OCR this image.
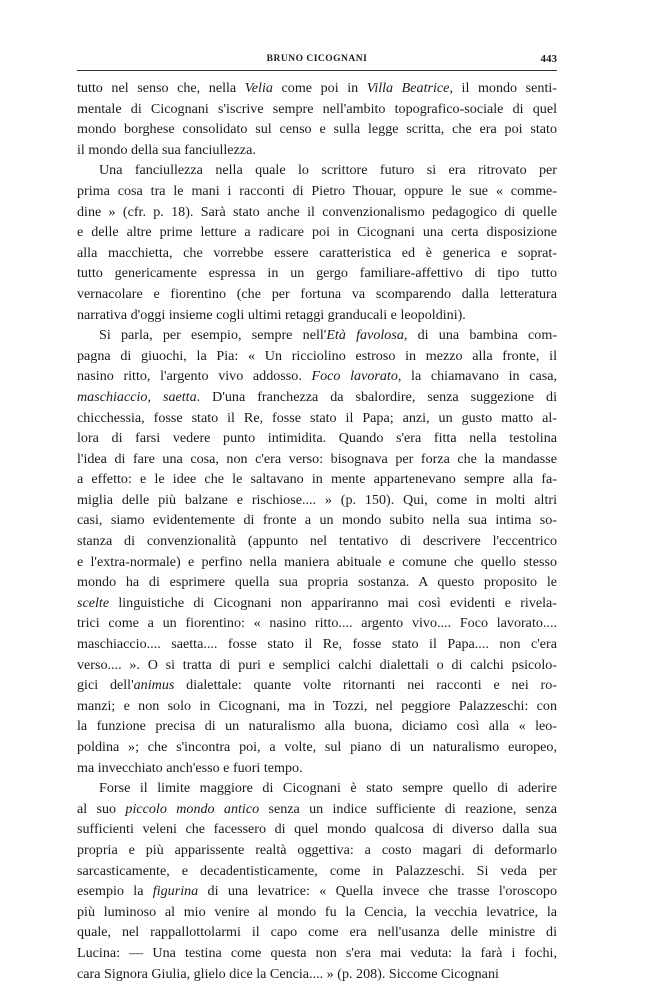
BRUNO CICOGNANI	443
tutto nel senso che, nella Velia come poi in Villa Beatrice, il mondo senti-
mentale di Cicognani s'iscrive sempre nell'ambito topografico-sociale di quel
mondo borghese consolidato sul censo e sulla legge scritta, che era poi stato
il mondo della sua fanciullezza.
Una fanciullezza nella quale lo scrittore futuro si era ritrovato per
prima cosa tra le mani i racconti di Pietro Thouar, oppure le sue « comme-
dine » (cfr. p. 18). Sarà stato anche il convenzionalismo pedagogico di quelle
e delle altre prime letture a radicare poi in Cicognani una certa disposizione
alla macchietta, che vorrebbe essere caratteristica ed è generica e soprat-
tutto genericamente espressa in un gergo familiare-affettivo di tipo tutto
vernacolare e fiorentino (che per fortuna va scomparendo dalla letteratura
narrativa d'oggi insieme cogli ultimi retaggi granducali e leopoldini).
Si parla, per esempio, sempre nell'Età favolosa, di una bambina com-
pagna di giuochi, la Pia: « Un ricciolino estroso in mezzo alla fronte, il
nasino ritto, l'argento vivo addosso. Foco lavorato, la chiamavano in casa,
maschiaccio, saetta. D'una franchezza da sbalordire, senza suggezione di
chicchessia, fosse stato il Re, fosse stato il Papa; anzi, un gusto matto al-
lora di farsi vedere punto intimidita. Quando s'era fitta nella testolina
l'idea di fare una cosa, non c'era verso: bisognava per forza che la mandasse
a effetto: e le idee che le saltavano in mente appartenevano sempre alla fa-
miglia delle più balzane e rischiose.... » (p. 150). Qui, come in molti altri
casi, siamo evidentemente di fronte a un mondo subito nella sua intima so-
stanza di convenzionalità (appunto nel tentativo di descrivere l'eccentrico
e l'extra-normale) e perfino nella maniera abituale e comune che quello stesso
mondo ha di esprimere quella sua propria sostanza. A questo proposito le
scelte linguistiche di Cicognani non appariranno mai così evidenti e rivela-
trici come a un fiorentino: « nasino ritto.... argento vivo.... Foco lavorato....
maschiaccio.... saetta.... fosse stato il Re, fosse stato il Papa.... non c'era
verso.... ». O si tratta di puri e semplici calchi dialettali o di calchi psicolo-
gici dell'animus dialettale: quante volte ritornanti nei racconti e nei ro-
manzi; e non solo in Cicognani, ma in Tozzi, nel peggiore Palazzeschi: con
la funzione precisa di un naturalismo alla buona, diciamo così alla « leo-
poldina »; che s'incontra poi, a volte, sul piano di un naturalismo europeo,
ma invecchiato anch'esso e fuori tempo.
Forse il limite maggiore di Cicognani è stato sempre quello di aderire
al suo piccolo mondo antico senza un indice sufficiente di reazione, senza
sufficienti veleni che facessero di quel mondo qualcosa di diverso dalla sua
propria e più apparissente realtà oggettiva: a costo magari di deformarlo
sarcasticamente, e decadentisticamente, come in Palazzeschi. Si veda per
esempio la figurina di una levatrice: « Quella invece che trasse l'oroscopo
più luminoso al mio venire al mondo fu la Cencia, la vecchia levatrice, la
quale, nel rappallottolarmi il capo come era nell'usanza delle ministre di
Lucina: — Una testina come questa non s'era mai veduta: la farà i fochi,
cara Signora Giulia, glielo dice la Cencia.... » (p. 208). Siccome Cicognani
